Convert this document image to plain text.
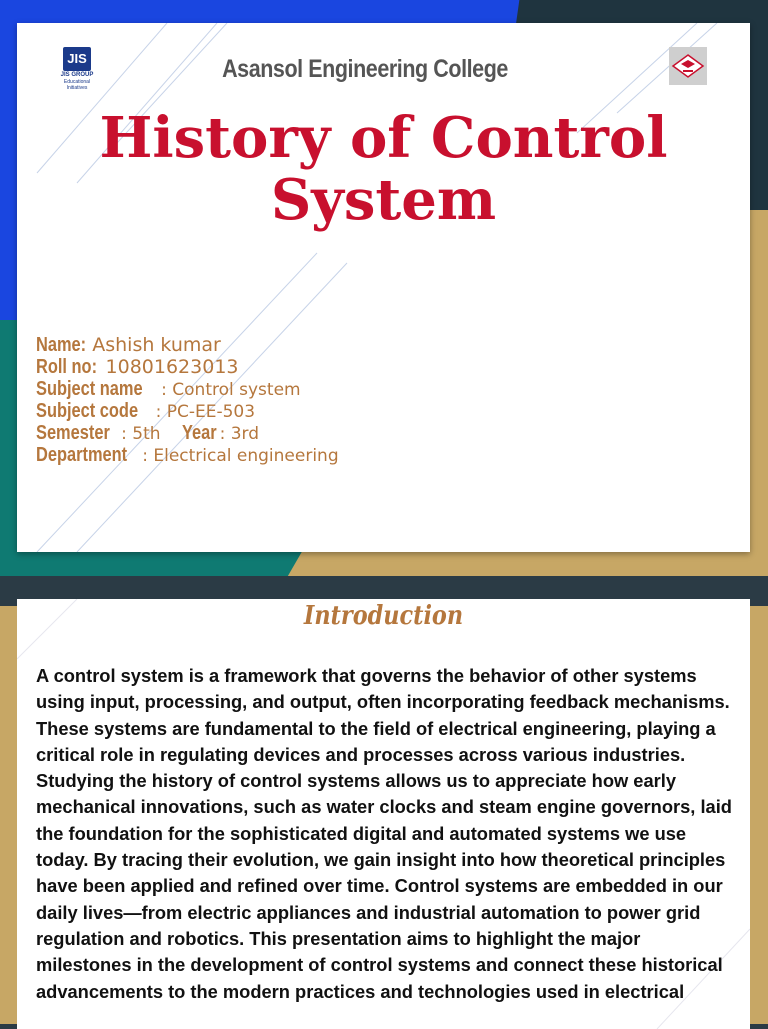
JIS
JIS GROUP
Educational Initiatives
Asansol Engineering College
History of Control
System
Name: Ashish kumar
Roll no: 10801623013
Subject name : Control system
Subject code : PC-EE-503
Semester : 5th Year : 3rd
Department : Electrical engineering
Introduction

A control system is a framework that governs the behavior of other systems using input, processing, and output, often incorporating feedback mechanisms. These systems are fundamental to the field of electrical engineering, playing a critical role in regulating devices and processes across various industries. Studying the history of control systems allows us to appreciate how early mechanical innovations, such as water clocks and steam engine governors, laid the foundation for the sophisticated digital and automated systems we use today. By tracing their evolution, we gain insight into how theoretical principles have been applied and refined over time. Control systems are embedded in our daily lives—from electric appliances and industrial automation to power grid regulation and robotics. This presentation aims to highlight the major milestones in the development of control systems and connect these historical advancements to the modern practices and technologies used in electrical
